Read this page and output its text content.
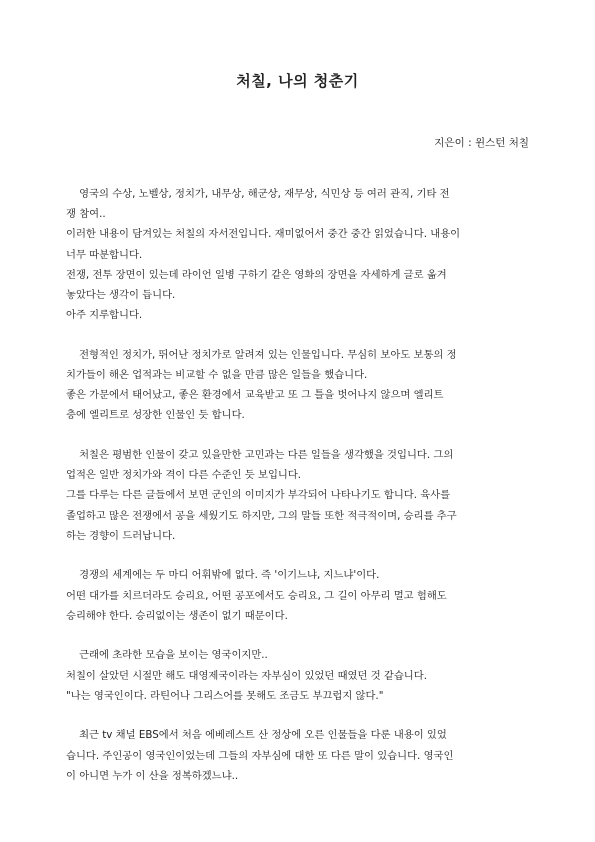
처칠, 나의 청춘기
지은이 : 윈스턴 처칠

영국의 수상, 노벨상, 정치가, 내무상, 해군상, 재무상, 식민상 등 여러 관직, 기타 전
쟁 참여..
이러한 내용이 담겨있는 처칠의 자서전입니다. 재미없어서 중간 중간 읽었습니다. 내용이
너무 따분합니다.
전쟁, 전투 장면이 있는데 라이언 일병 구하기 같은 영화의 장면을 자세하게 글로 옮겨
놓았다는 생각이 듭니다.
아주 지루합니다.

전형적인 정치가, 뛰어난 정치가로 알려져 있는 인물입니다. 무심히 보아도 보통의 정
치가들이 해온 업적과는 비교할 수 없을 만큼 많은 일들을 했습니다.
좋은 가문에서 태어났고, 좋은 환경에서 교육받고 또 그 틀을 벗어나지 않으며 엘리트
층에 엘리트로 성장한 인물인 듯 합니다.

처칠은 평범한 인물이 갖고 있을만한 고민과는 다른 일들을 생각했을 것입니다. 그의
업적은 일반 정치가와 격이 다른 수준인 듯 보입니다.
그를 다루는 다른 글들에서 보면 군인의 이미지가 부각되어 나타나기도 합니다. 육사를
졸업하고 많은 전쟁에서 공을 세웠기도 하지만, 그의 말들 또한 적극적이며, 승리를 추구
하는 경향이 드러납니다.

경쟁의 세계에는 두 마디 어휘밖에 없다. 즉 '이기느냐, 지느냐'이다.
어떤 대가를 치르더라도 승리요, 어떤 공포에서도 승리요, 그 길이 아무리 멀고 험해도
승리해야 한다. 승리없이는 생존이 없기 때문이다.

근래에 초라한 모습을 보이는 영국이지만..
처칠이 살았던 시절만 해도 대영제국이라는 자부심이 있었던 때였던 것 같습니다.
"나는 영국인이다. 라틴어나 그리스어를 못해도 조금도 부끄럽지 않다."

최근 tv 채널 EBS에서 처음 에베레스트 산 정상에 오른 인물들을 다룬 내용이 있었
습니다. 주인공이 영국인이었는데 그들의 자부심에 대한 또 다른 말이 있습니다. 영국인
이 아니면 누가 이 산을 정복하겠느냐..
